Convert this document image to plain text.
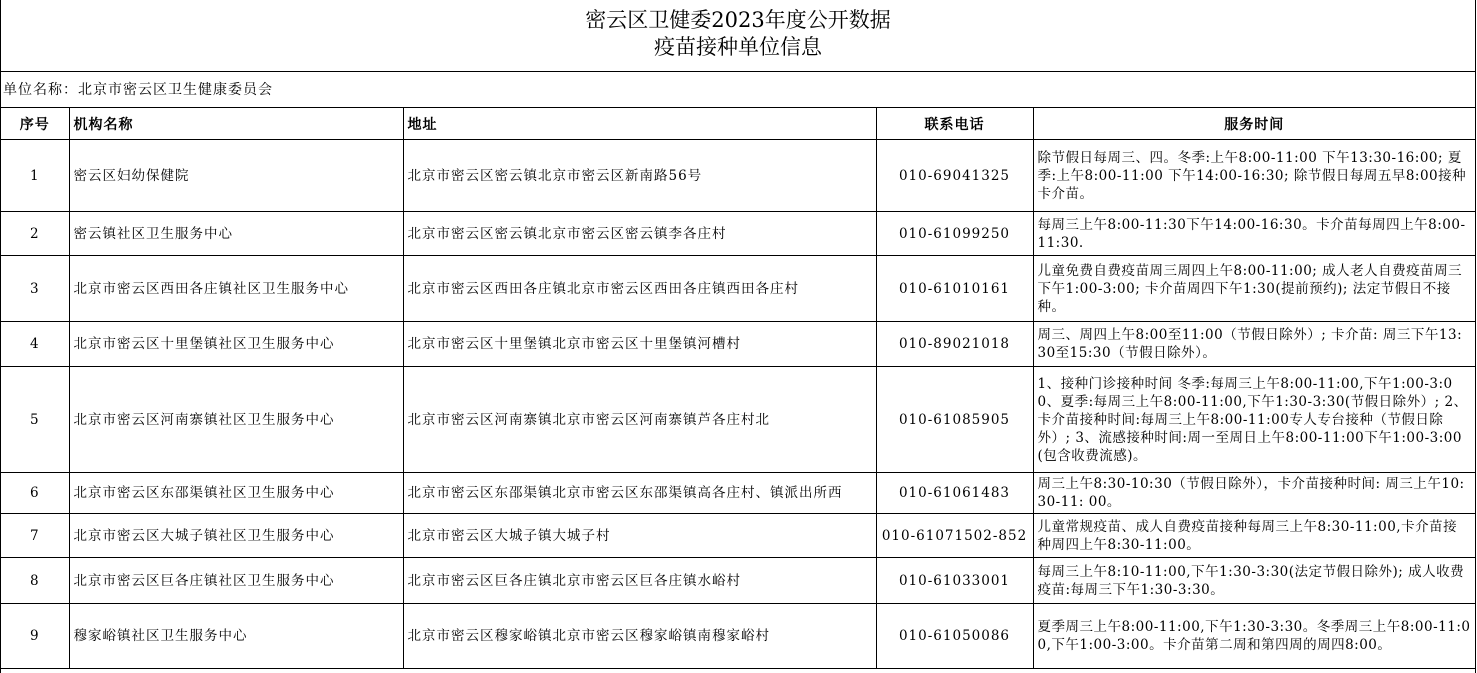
密云区卫健委2023年度公开数据
疫苗接种单位信息
单位名称：北京市密云区卫生健康委员会
序号	机构名称	地址	联系电话	服务时间
1	密云区妇幼保健院	北京市密云区密云镇北京市密云区新南路56号	010-69041325	除节假日每周三、四。冬季:上午8:00-11:00 下午13:30-16:00; 夏季:上午8:00-11:00 下午14:00-16:30; 除节假日每周五早8:00接种卡介苗。
2	密云镇社区卫生服务中心	北京市密云区密云镇北京市密云区密云镇李各庄村	010-61099250	每周三上午8:00-11:30下午14:00-16:30。卡介苗每周四上午8:00-11:30.
3	北京市密云区西田各庄镇社区卫生服务中心	北京市密云区西田各庄镇北京市密云区西田各庄镇西田各庄村	010-61010161	儿童免费自费疫苗周三周四上午8:00-11:00; 成人老人自费疫苗周三下午1:00-3:00; 卡介苗周四下午1:30(提前预约); 法定节假日不接种。
4	北京市密云区十里堡镇社区卫生服务中心	北京市密云区十里堡镇北京市密云区十里堡镇河槽村	010-89021018	周三、周四上午8:00至11:00（节假日除外）; 卡介苗: 周三下午13:30至15:30（节假日除外）。
5	北京市密云区河南寨镇社区卫生服务中心	北京市密云区河南寨镇北京市密云区河南寨镇芦各庄村北	010-61085905	1、接种门诊接种时间 冬季:每周三上午8:00-11:00,下午1:00-3:00、夏季:每周三上午8:00-11:00,下午1:30-3:30(节假日除外）; 2、卡介苗接种时间:每周三上午8:00-11:00专人专台接种（节假日除外）; 3、流感接种时间:周一至周日上午8:00-11:00下午1:00-3:00(包含收费流感)。
6	北京市密云区东邵渠镇社区卫生服务中心	北京市密云区东邵渠镇北京市密云区东邵渠镇高各庄村、镇派出所西	010-61061483	周三上午8:30-10:30（节假日除外），卡介苗接种时间: 周三上午10:30-11: 00。
7	北京市密云区大城子镇社区卫生服务中心	北京市密云区大城子镇大城子村	010-61071502-852	儿童常规疫苗、成人自费疫苗接种每周三上午8:30-11:00,卡介苗接种周四上午8:30-11:00。
8	北京市密云区巨各庄镇社区卫生服务中心	北京市密云区巨各庄镇北京市密云区巨各庄镇水峪村	010-61033001	每周三上午8:10-11:00,下午1:30-3:30(法定节假日除外); 成人收费疫苗:每周三下午1:30-3:30。
9	穆家峪镇社区卫生服务中心	北京市密云区穆家峪镇北京市密云区穆家峪镇南穆家峪村	010-61050086	夏季周三上午8:00-11:00,下午1:30-3:30。冬季周三上午8:00-11:00,下午1:00-3:00。卡介苗第二周和第四周的周四8:00。
